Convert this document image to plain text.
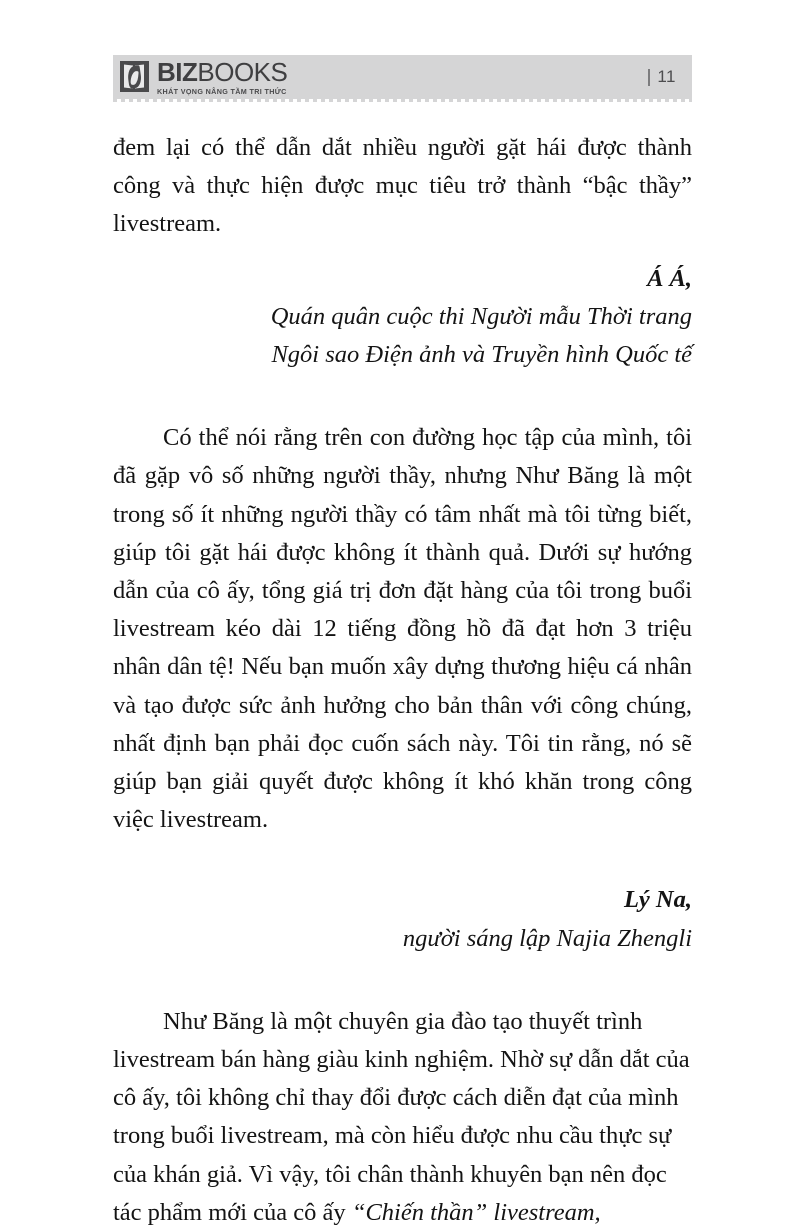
BIZBOOKS
KHÁT VỌNG NÂNG TẦM TRI THỨC
11

đem lại có thể dẫn dắt nhiều người gặt hái được thành công và thực hiện được mục tiêu trở thành “bậc thầy” livestream.

Á Á,
Quán quân cuộc thi Người mẫu Thời trang
Ngôi sao Điện ảnh và Truyền hình Quốc tế

Có thể nói rằng trên con đường học tập của mình, tôi đã gặp vô số những người thầy, nhưng Như Băng là một trong số ít những người thầy có tâm nhất mà tôi từng biết, giúp tôi gặt hái được không ít thành quả. Dưới sự hướng dẫn của cô ấy, tổng giá trị đơn đặt hàng của tôi trong buổi livestream kéo dài 12 tiếng đồng hồ đã đạt hơn 3 triệu nhân dân tệ! Nếu bạn muốn xây dựng thương hiệu cá nhân và tạo được sức ảnh hưởng cho bản thân với công chúng, nhất định bạn phải đọc cuốn sách này. Tôi tin rằng, nó sẽ giúp bạn giải quyết được không ít khó khăn trong công việc livestream.

Lý Na,
người sáng lập Najia Zhengli

Như Băng là một chuyên gia đào tạo thuyết trình livestream bán hàng giàu kinh nghiệm. Nhờ sự dẫn dắt của cô ấy, tôi không chỉ thay đổi được cách diễn đạt của mình trong buổi livestream, mà còn hiểu được nhu cầu thực sự của khán giả. Vì vậy, tôi chân thành khuyên bạn nên đọc tác phẩm mới của cô ấy “Chiến thần” livestream,
